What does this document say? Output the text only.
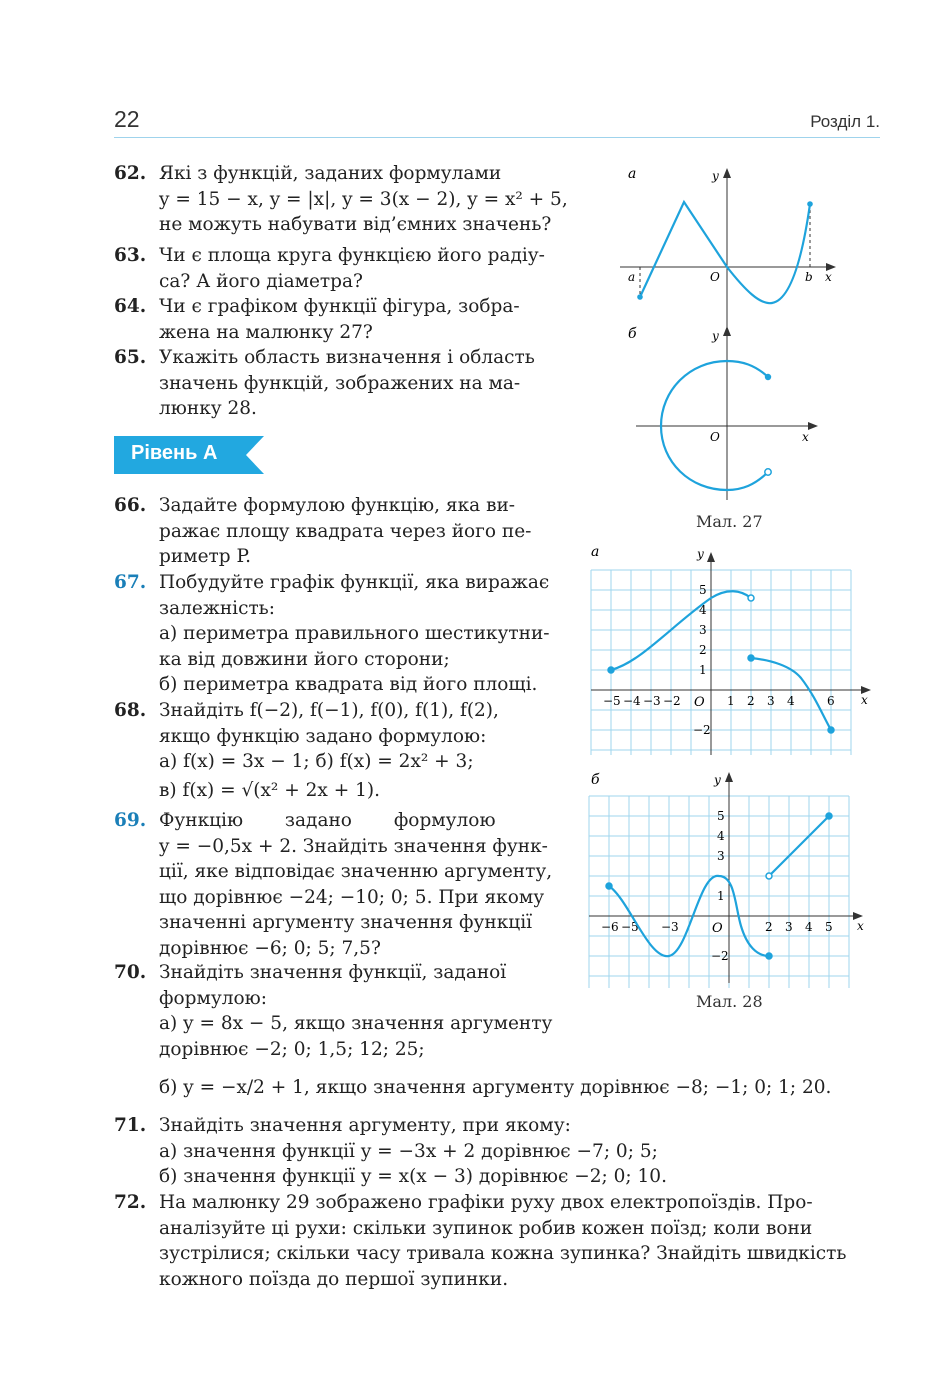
22	Розділ 1.
62. Які з функцій, заданих формулами
y = 15 − x, y = |x|, y = 3(x − 2), y = x² + 5,
не можуть набувати від’ємних значень?
63. Чи є площа круга функцією його радіу-
са? А його діаметра?
64. Чи є графіком функції фігура, зобра-
жена на малюнку 27?
65. Укажіть область визначення і область
значень функцій, зображених на ма-
люнку 28.
Рівень А
66. Задайте формулою функцію, яка ви-
ражає площу квадрата через його пе-
риметр P.
67. Побудуйте графік функції, яка виражає
залежність:
а) периметра правильного шестикутни-
ка від довжини його сторони;
б) периметра квадрата від його площі.
68. Знайдіть f(−2), f(−1), f(0), f(1), f(2),
якщо функцію задано формулою:
а) f(x) = 3x − 1; б) f(x) = 2x² + 3;
в) f(x) = √(x² + 2x + 1).
69. Функцію задано формулою
y = −0,5x + 2. Знайдіть значення функ-
ції, яке відповідає значенню аргументу,
що дорівнює −24; −10; 0; 5. При якому
значенні аргументу значення функції
дорівнює −6; 0; 5; 7,5?
70. Знайдіть значення функції, заданої
формулою:
а) y = 8x − 5, якщо значення аргументу
дорівнює −2; 0; 1,5; 12; 25;
б) y = −x/2 + 1, якщо значення аргументу дорівнює −8; −1; 0; 1; 20.
71. Знайдіть значення аргументу, при якому:
а) значення функції y = −3x + 2 дорівнює −7; 0; 5;
б) значення функції y = x(x − 3) дорівнює −2; 0; 10.
72. На малюнку 29 зображено графіки руху двох електропоїздів. Про-
аналізуйте ці рухи: скільки зупинок робив кожен поїзд; коли вони
зустрілися; скільки часу тривала кожна зупинка? Знайдіть швидкість
кожного поїзда до першої зупинки.
а	y
x
O
a	b
б	y
x
O
Мал. 27
а	y
x
O
−5 −4 −3 −2	1 2 3 4	6
5
4
3
2
1
−2
б	y
x
O
−6 −5 −3	2 3 4 5
5
4
3
1
−2
Мал. 28
